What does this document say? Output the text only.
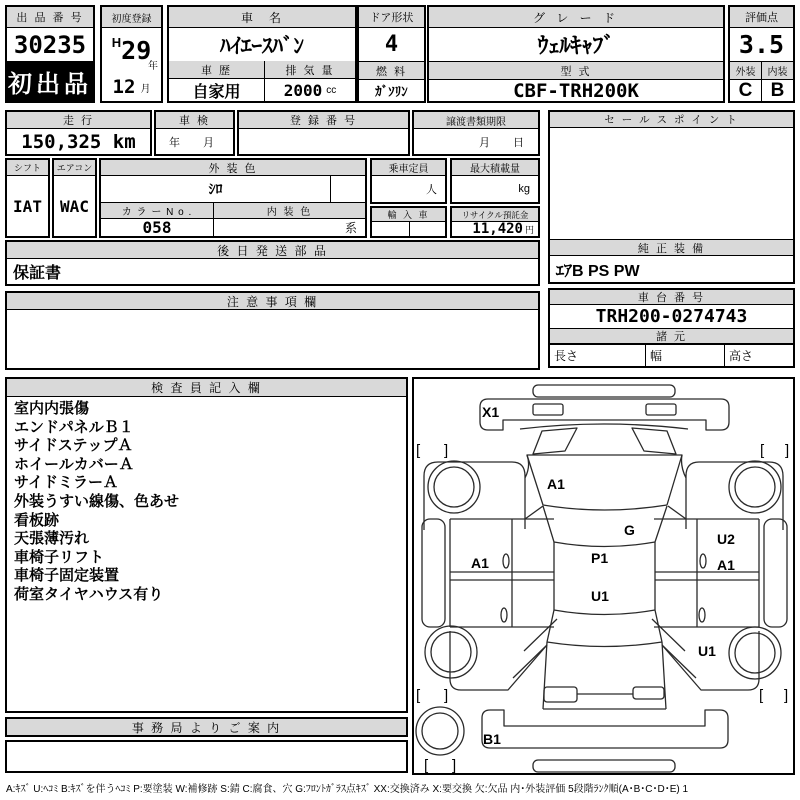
出 品 番 号
30235
初出品
初度登録
H 29
年
12 月
車　名
ﾊｲｴｰｽﾊﾞﾝ
車 歴
自家用
排 気 量
2000 cc
ドア形状
4
燃 料
ｶﾞｿﾘﾝ
グ レ ー ド
ｳｪﾙｷｬﾌﾞ
型 式
CBF-TRH200K
評価点
3.5
外装	内装
C B
走 行
150,325 km
車 検
年　月
登 録 番 号	譲渡書類期限
月　日
シフト
IAT
エアコン
WAC
外 装 色
ｼﾛ
カ ラ ー N o .	内 装 色
058	系
乗車定員
人
最大積載量
kg
輸 入 車	リサイクル預託金
11,420 円
後 日 発 送 部 品
保証書
注 意 事 項 欄
セ ー ル ス ポ イ ン ト
純 正 装 備
ｴｱB PS PW
車 台 番 号
TRH200-0274743
諸 元
長さ	幅	高さ
検 査 員 記 入 欄
室内内張傷
エンドパネルＢ１
サイドステップＡ
ホイールカバーＡ
サイドミラーＡ
外装うすい線傷、色あせ
看板跡
天張薄汚れ
車椅子リフト
車椅子固定装置
荷室タイヤハウス有り
事 務 局 よ り ご 案 内
X1
A1
G
P1
U1
A1
U2
A1
U1
B1
[ ]	[ ]
[ ]	[ ]
[ ]
A:ｷｽﾞ U:ﾍｺﾐ B:ｷｽﾞを伴うﾍｺﾐ P:要塗装 W:補修跡 S:錆 C:腐食、穴 G:ﾌﾛﾝﾄｶﾞﾗｽ点ｷｽﾞ XX:交換済み X:要交換 欠:欠品 内･外装評価 5段階ﾗﾝｸ順(A･B･C･D･E) 1
